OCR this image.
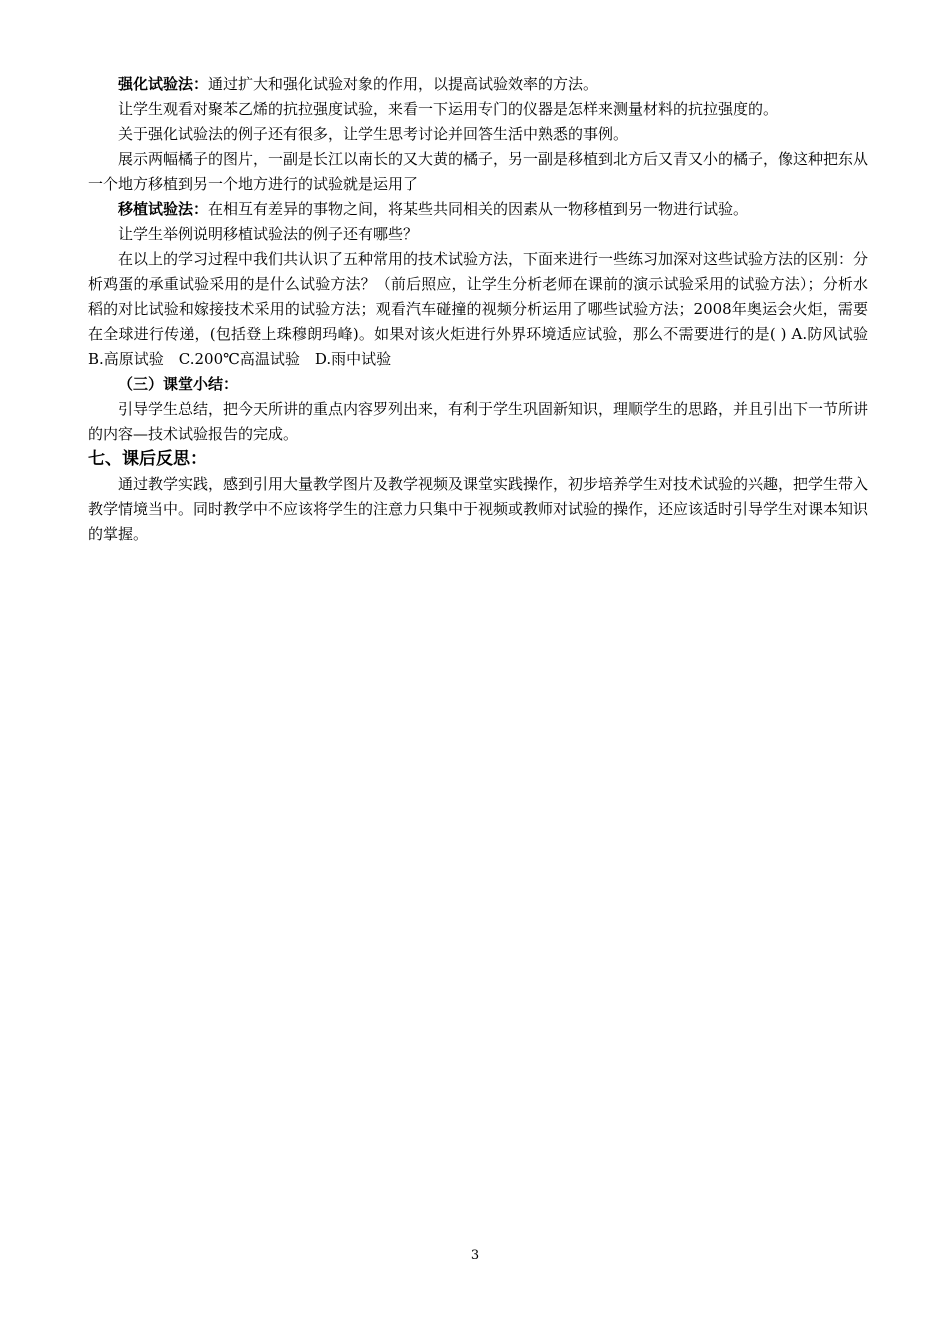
强化试验法：通过扩大和强化试验对象的作用，以提高试验效率的方法。

让学生观看对聚苯乙烯的抗拉强度试验，来看一下运用专门的仪器是怎样来测量材料的抗拉强度的。

关于强化试验法的例子还有很多，让学生思考讨论并回答生活中熟悉的事例。

展示两幅橘子的图片，一副是长江以南长的又大黄的橘子，另一副是移植到北方后又青又小的橘子，像这种把东从一个地方移植到另一个地方进行的试验就是运用了

移植试验法：在相互有差异的事物之间，将某些共同相关的因素从一物移植到另一物进行试验。

让学生举例说明移植试验法的例子还有哪些？

在以上的学习过程中我们共认识了五种常用的技术试验方法，下面来进行一些练习加深对这些试验方法的区别：分析鸡蛋的承重试验采用的是什么试验方法？（前后照应，让学生分析老师在课前的演示试验采用的试验方法）；分析水稻的对比试验和嫁接技术采用的试验方法；观看汽车碰撞的视频分析运用了哪些试验方法；2008年奥运会火炬，需要在全球进行传递，(包括登上珠穆朗玛峰)。如果对该火炬进行外界环境适应试验，那么不需要进行的是( ) A.防风试验　B.高原试验　C.200℃高温试验　D.雨中试验

（三）课堂小结：

引导学生总结，把今天所讲的重点内容罗列出来，有利于学生巩固新知识，理顺学生的思路，并且引出下一节所讲的内容—技术试验报告的完成。

七、课后反思：

通过教学实践，感到引用大量教学图片及教学视频及课堂实践操作，初步培养学生对技术试验的兴趣，把学生带入教学情境当中。同时教学中不应该将学生的注意力只集中于视频或教师对试验的操作，还应该适时引导学生对课本知识的掌握。

3
